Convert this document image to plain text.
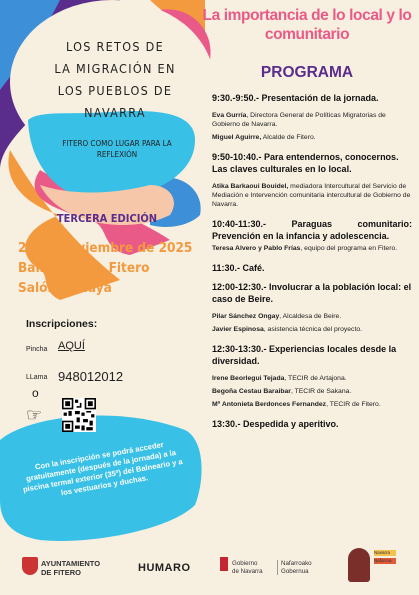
LOS RETOS DE
LA MIGRACIÓN EN
LOS PUEBLOS DE NAVARRA
FITERO COMO LUGAR PARA LA REFLEXIÓN
TERCERA EDICIÓN
21 de noviembre de 2025
Balneario de Fitero
Salón Atalaya
Inscripciones:
Pincha AQUÍ
LLama 948012012
o
☞
Con la inscripción se podrá acceder gratuitamente (después de la jornada) a la piscina termal exterior (35º) del Balneario y a los vestuarios y duchas.
La importancia de lo local y lo comunitario
PROGRAMA
9:30.-9:50.- Presentación de la jornada.
Eva Gurría, Directora General de Políticas Migratorias de Gobierno de Navarra.
Miguel Aguirre, Alcalde de Fitero.
9:50-10:40.- Para entendernos, conocernos. Las claves culturales en lo local.
Atika Barkaoui Bouidel, mediadora Intercultural del Servicio de Mediación e Intervención comunitaria intercultural de Gobierno de Navarra.
10:40-11:30.- Paraguas comunitario: Prevención en la infancia y adolescencia.
Teresa Alvero y Pablo Frías, equipo del programa en Fitero.
11:30.- Café.
12:00-12:30.- Involucrar a la población local: el caso de Beire.
Pilar Sánchez Ongay, Alcaldesa de Beire.
Javier Espinosa, asistencia técnica del proyecto.
12:30-13:30.- Experiencias locales desde la diversidad.
Irene Beorlegui Tejada, TECIR de Artajona.
Begoña Cestau Baraibar, TECIR de Sakana.
Mª Antonieta Berdonces Fernandez, TECIR de Fitero.
13:30.- Despedida y aperitivo.
AYUNTAMIENTO
DE FITERO	HUMARO	Gobierno
de Navarra
Nafarroako
Gobernua
Navarra
Nafarroa
